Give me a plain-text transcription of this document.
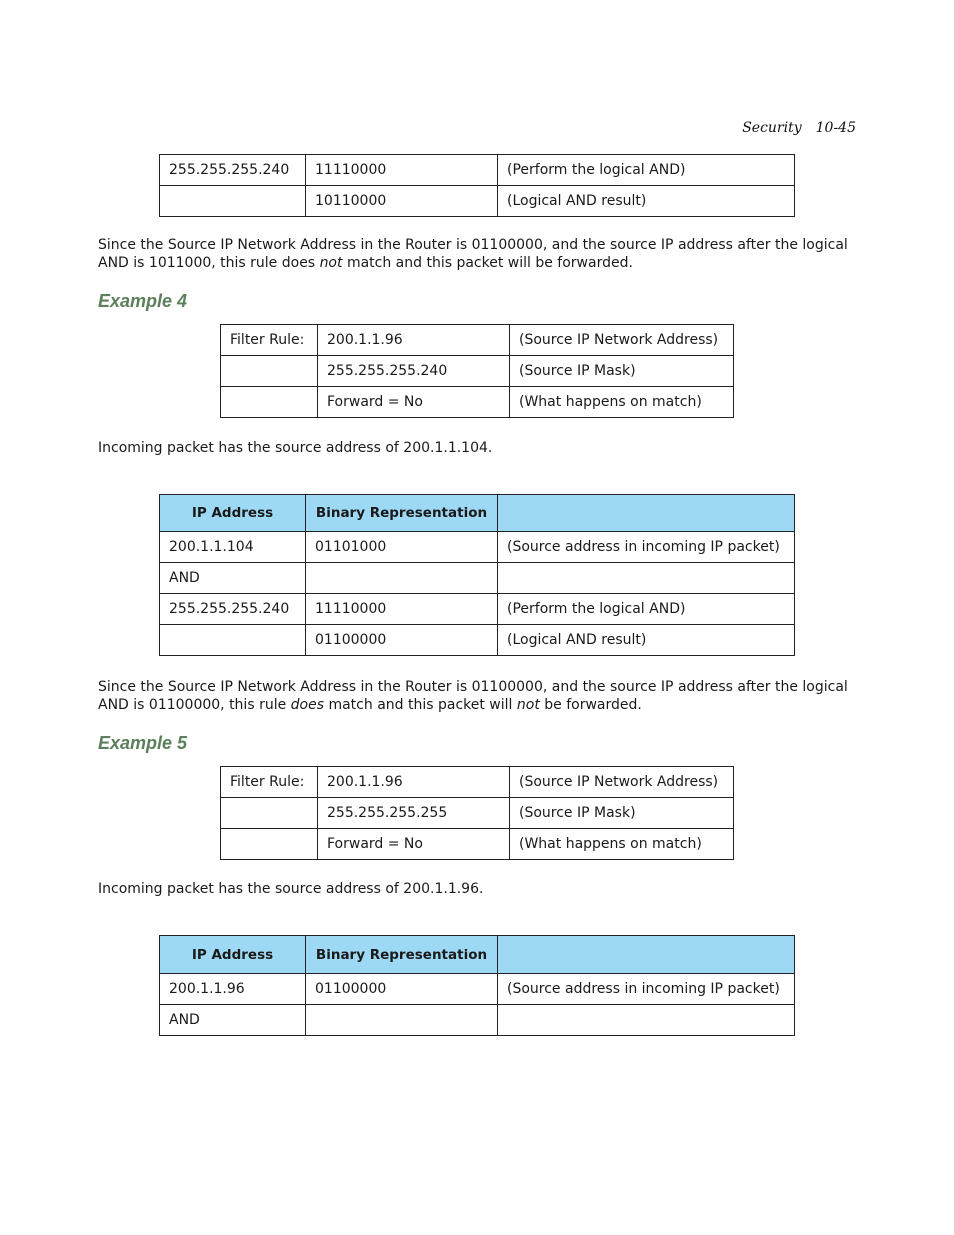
Security 10-45
255.255.255.240	11110000	(Perform the logical AND)
	10110000	(Logical AND result)

Since the Source IP Network Address in the Router is 01100000, and the source IP address after the logical AND is 1011000, this rule does not match and this packet will be forwarded.

Example 4
Filter Rule:	200.1.1.96	(Source IP Network Address)
	255.255.255.240	(Source IP Mask)
	Forward = No	(What happens on match)

Incoming packet has the source address of 200.1.1.104.

IP Address	Binary Representation	
200.1.1.104	01101000	(Source address in incoming IP packet)
AND		
255.255.255.240	11110000	(Perform the logical AND)
	01100000	(Logical AND result)

Since the Source IP Network Address in the Router is 01100000, and the source IP address after the logical AND is 01100000, this rule does match and this packet will not be forwarded.

Example 5
Filter Rule:	200.1.1.96	(Source IP Network Address)
	255.255.255.255	(Source IP Mask)
	Forward = No	(What happens on match)

Incoming packet has the source address of 200.1.1.96.

IP Address	Binary Representation	
200.1.1.96	01100000	(Source address in incoming IP packet)
AND		
